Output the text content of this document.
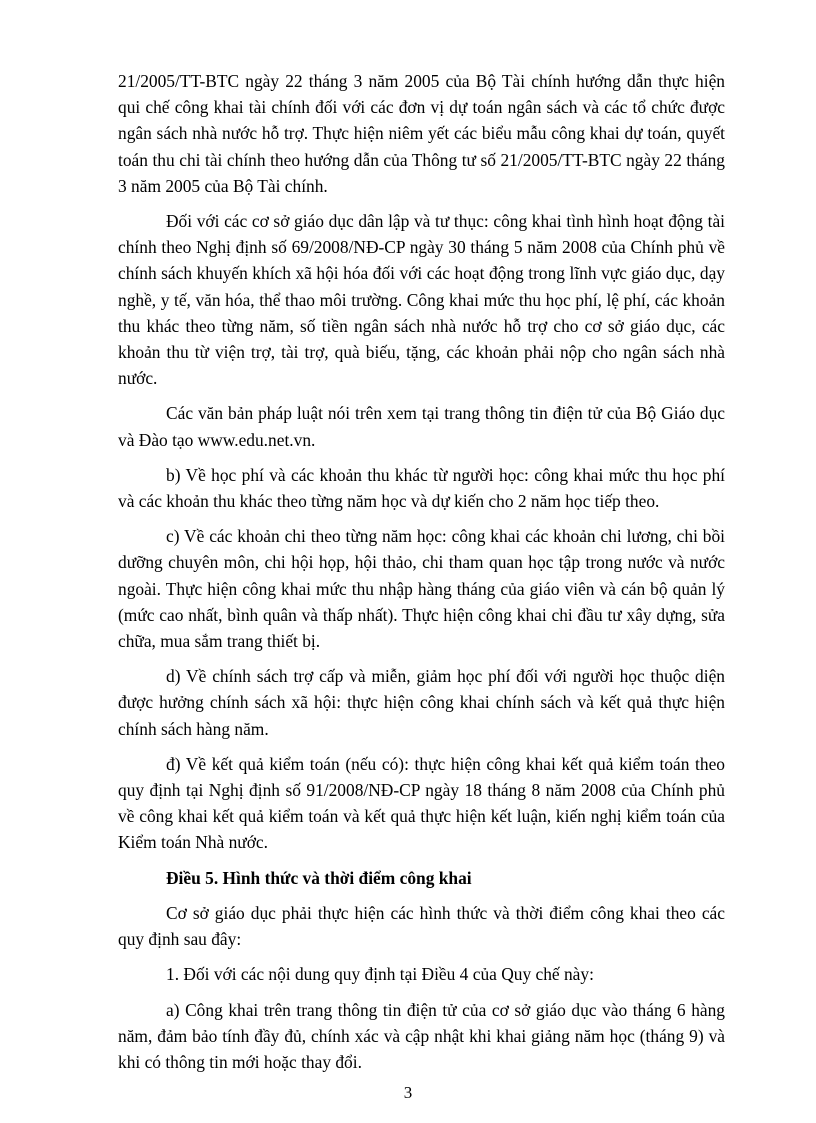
21/2005/TT-BTC ngày 22 tháng 3 năm 2005 của Bộ Tài chính hướng dẫn thực hiện qui chế công khai tài chính đối với các đơn vị dự toán ngân sách và các tổ chức được ngân sách nhà nước hỗ trợ. Thực hiện niêm yết các biểu mẫu công khai dự toán, quyết toán thu chi tài chính theo hướng dẫn của Thông tư số 21/2005/TT-BTC ngày 22 tháng 3 năm 2005 của Bộ Tài chính.

Đối với các cơ sở giáo dục dân lập và tư thục: công khai tình hình hoạt động tài chính theo Nghị định số 69/2008/NĐ-CP ngày 30 tháng 5 năm 2008 của Chính phủ về chính sách khuyến khích xã hội hóa đối với các hoạt động trong lĩnh vực giáo dục, dạy nghề, y tế, văn hóa, thể thao môi trường. Công khai mức thu học phí, lệ phí, các khoản thu khác theo từng năm, số tiền ngân sách nhà nước hỗ trợ cho cơ sở giáo dục, các khoản thu từ viện trợ, tài trợ, quà biếu, tặng, các khoản phải nộp cho ngân sách nhà nước.

Các văn bản pháp luật nói trên xem tại trang thông tin điện tử của Bộ Giáo dục và Đào tạo www.edu.net.vn.

b) Về học phí và các khoản thu khác từ người học: công khai mức thu học phí và các khoản thu khác theo từng năm học và dự kiến cho 2 năm học tiếp theo.

c) Về các khoản chi theo từng năm học: công khai các khoản chi lương, chi bồi dưỡng chuyên môn, chi hội họp, hội thảo, chi tham quan học tập trong nước và nước ngoài. Thực hiện công khai mức thu nhập hàng tháng của giáo viên và cán bộ quản lý (mức cao nhất, bình quân và thấp nhất). Thực hiện công khai chi đầu tư xây dựng, sửa chữa, mua sắm trang thiết bị.

d) Về chính sách trợ cấp và miễn, giảm học phí đối với người học thuộc diện được hưởng chính sách xã hội: thực hiện công khai chính sách và kết quả thực hiện chính sách hàng năm.

đ) Về kết quả kiểm toán (nếu có): thực hiện công khai kết quả kiểm toán theo quy định tại Nghị định số 91/2008/NĐ-CP ngày 18 tháng 8 năm 2008 của Chính phủ về công khai kết quả kiểm toán và kết quả thực hiện kết luận, kiến nghị kiểm toán của Kiểm toán Nhà nước.

Điều 5. Hình thức và thời điểm công khai

Cơ sở giáo dục phải thực hiện các hình thức và thời điểm công khai theo các quy định sau đây:

1. Đối với các nội dung quy định tại Điều 4 của Quy chế này:

a) Công khai trên trang thông tin điện tử của cơ sở giáo dục vào tháng 6 hàng năm, đảm bảo tính đầy đủ, chính xác và cập nhật khi khai giảng năm học (tháng 9) và khi có thông tin mới hoặc thay đổi.

3
